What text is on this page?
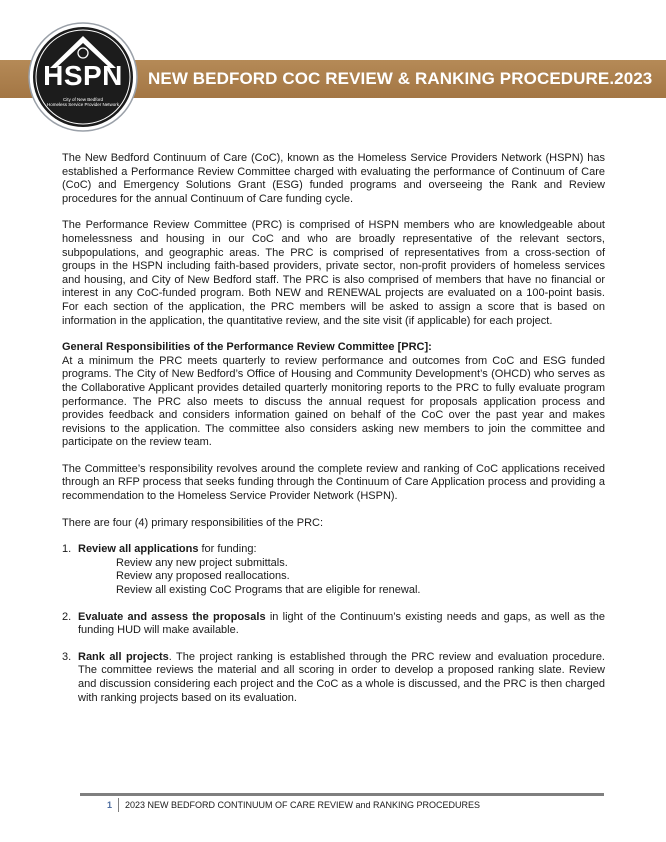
HSPN
City of New Bedford
Homeless Service Provider Network
NEW BEDFORD COC REVIEW & RANKING PROCEDURE.2023

The New Bedford Continuum of Care (CoC), known as the Homeless Service Providers Network (HSPN) has established a Performance Review Committee charged with evaluating the performance of Continuum of Care (CoC) and Emergency Solutions Grant (ESG) funded programs and overseeing the Rank and Review procedures for the annual Continuum of Care funding cycle.

The Performance Review Committee (PRC) is comprised of HSPN members who are knowledgeable about homelessness and housing in our CoC and who are broadly representative of the relevant sectors, subpopulations, and geographic areas. The PRC is comprised of representatives from a cross-section of groups in the HSPN including faith-based providers, private sector, non-profit providers of homeless services and housing, and City of New Bedford staff. The PRC is also comprised of members that have no financial or interest in any CoC-funded program. Both NEW and RENEWAL projects are evaluated on a 100-point basis. For each section of the application, the PRC members will be asked to assign a score that is based on information in the application, the quantitative review, and the site visit (if applicable) for each project.

General Responsibilities of the Performance Review Committee [PRC]:
At a minimum the PRC meets quarterly to review performance and outcomes from CoC and ESG funded programs. The City of New Bedford’s Office of Housing and Community Development’s (OHCD) who serves as the Collaborative Applicant provides detailed quarterly monitoring reports to the PRC to fully evaluate program performance. The PRC also meets to discuss the annual request for proposals application process and provides feedback and considers information gained on behalf of the CoC over the past year and makes revisions to the application. The committee also considers asking new members to join the committee and participate on the review team.

The Committee’s responsibility revolves around the complete review and ranking of CoC applications received through an RFP process that seeks funding through the Continuum of Care Application process and providing a recommendation to the Homeless Service Provider Network (HSPN).

There are four (4) primary responsibilities of the PRC:
1. Review all applications for funding:
Review any new project submittals.
Review any proposed reallocations.
Review all existing CoC Programs that are eligible for renewal.
2. Evaluate and assess the proposals in light of the Continuum’s existing needs and gaps, as well as the funding HUD will make available.
3. Rank all projects. The project ranking is established through the PRC review and evaluation procedure. The committee reviews the material and all scoring in order to develop a proposed ranking slate. Review and discussion considering each project and the CoC as a whole is discussed, and the PRC is then charged with ranking projects based on its evaluation.
1 2023 NEW BEDFORD CONTINUUM OF CARE REVIEW and RANKING PROCEDURES
